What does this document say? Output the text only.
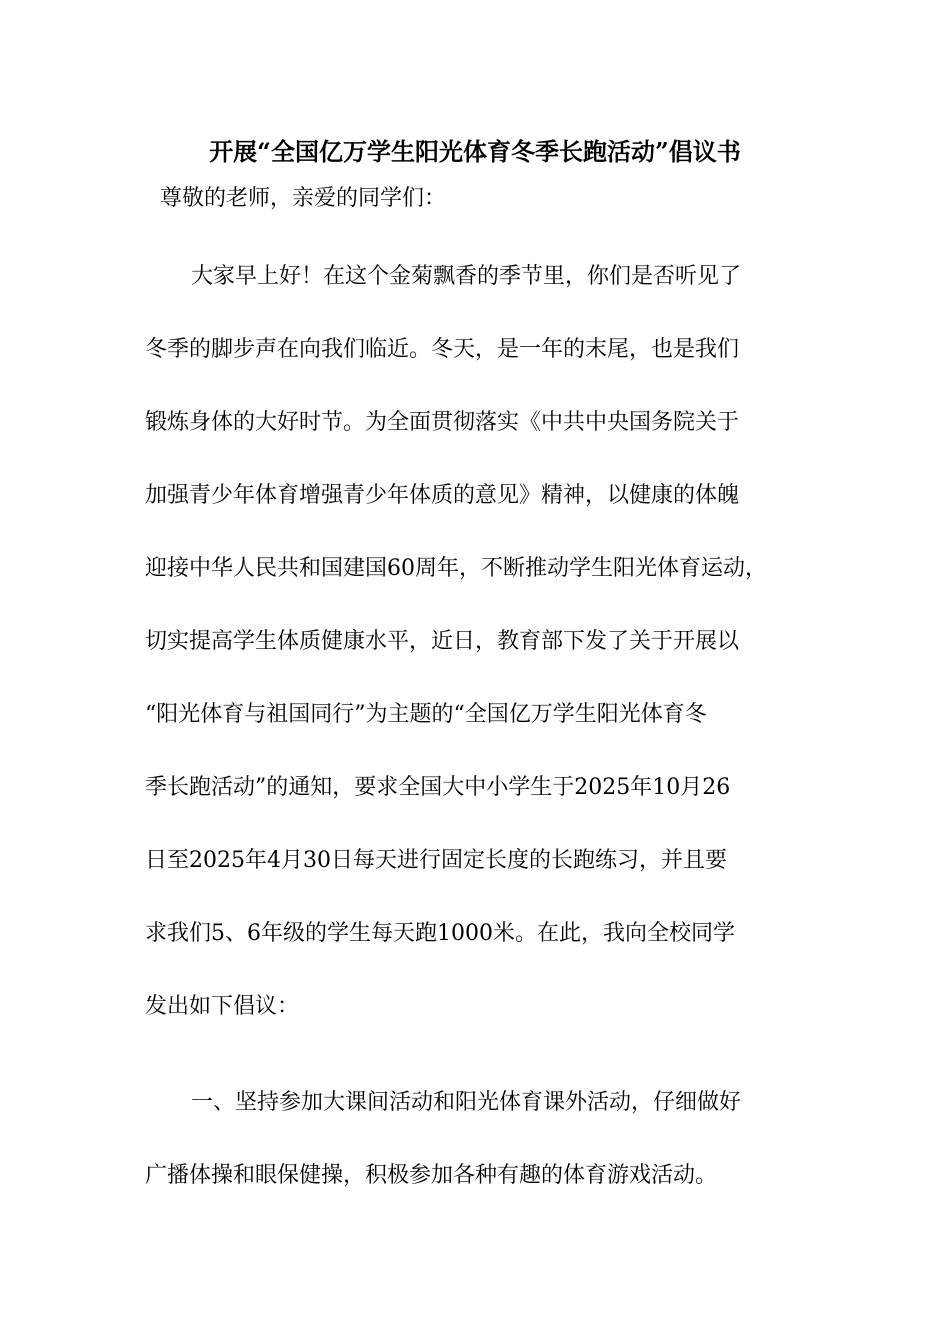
开展“全国亿万学生阳光体育冬季长跑活动”倡议书
尊敬的老师，亲爱的同学们：
大家早上好！在这个金菊飘香的季节里，你们是否听见了
冬季的脚步声在向我们临近。冬天，是一年的末尾，也是我们
锻炼身体的大好时节。为全面贯彻落实《中共中央国务院关于
加强青少年体育增强青少年体质的意见》精神，以健康的体魄
迎接中华人民共和国建国60周年，不断推动学生阳光体育运动，
切实提高学生体质健康水平，近日，教育部下发了关于开展以
“阳光体育与祖国同行”为主题的“全国亿万学生阳光体育冬
季长跑活动”的通知，要求全国大中小学生于2025年10月26
日至2025年4月30日每天进行固定长度的长跑练习，并且要
求我们5、6年级的学生每天跑1000米。在此，我向全校同学
发出如下倡议：
一、坚持参加大课间活动和阳光体育课外活动，仔细做好
广播体操和眼保健操，积极参加各种有趣的体育游戏活动。
